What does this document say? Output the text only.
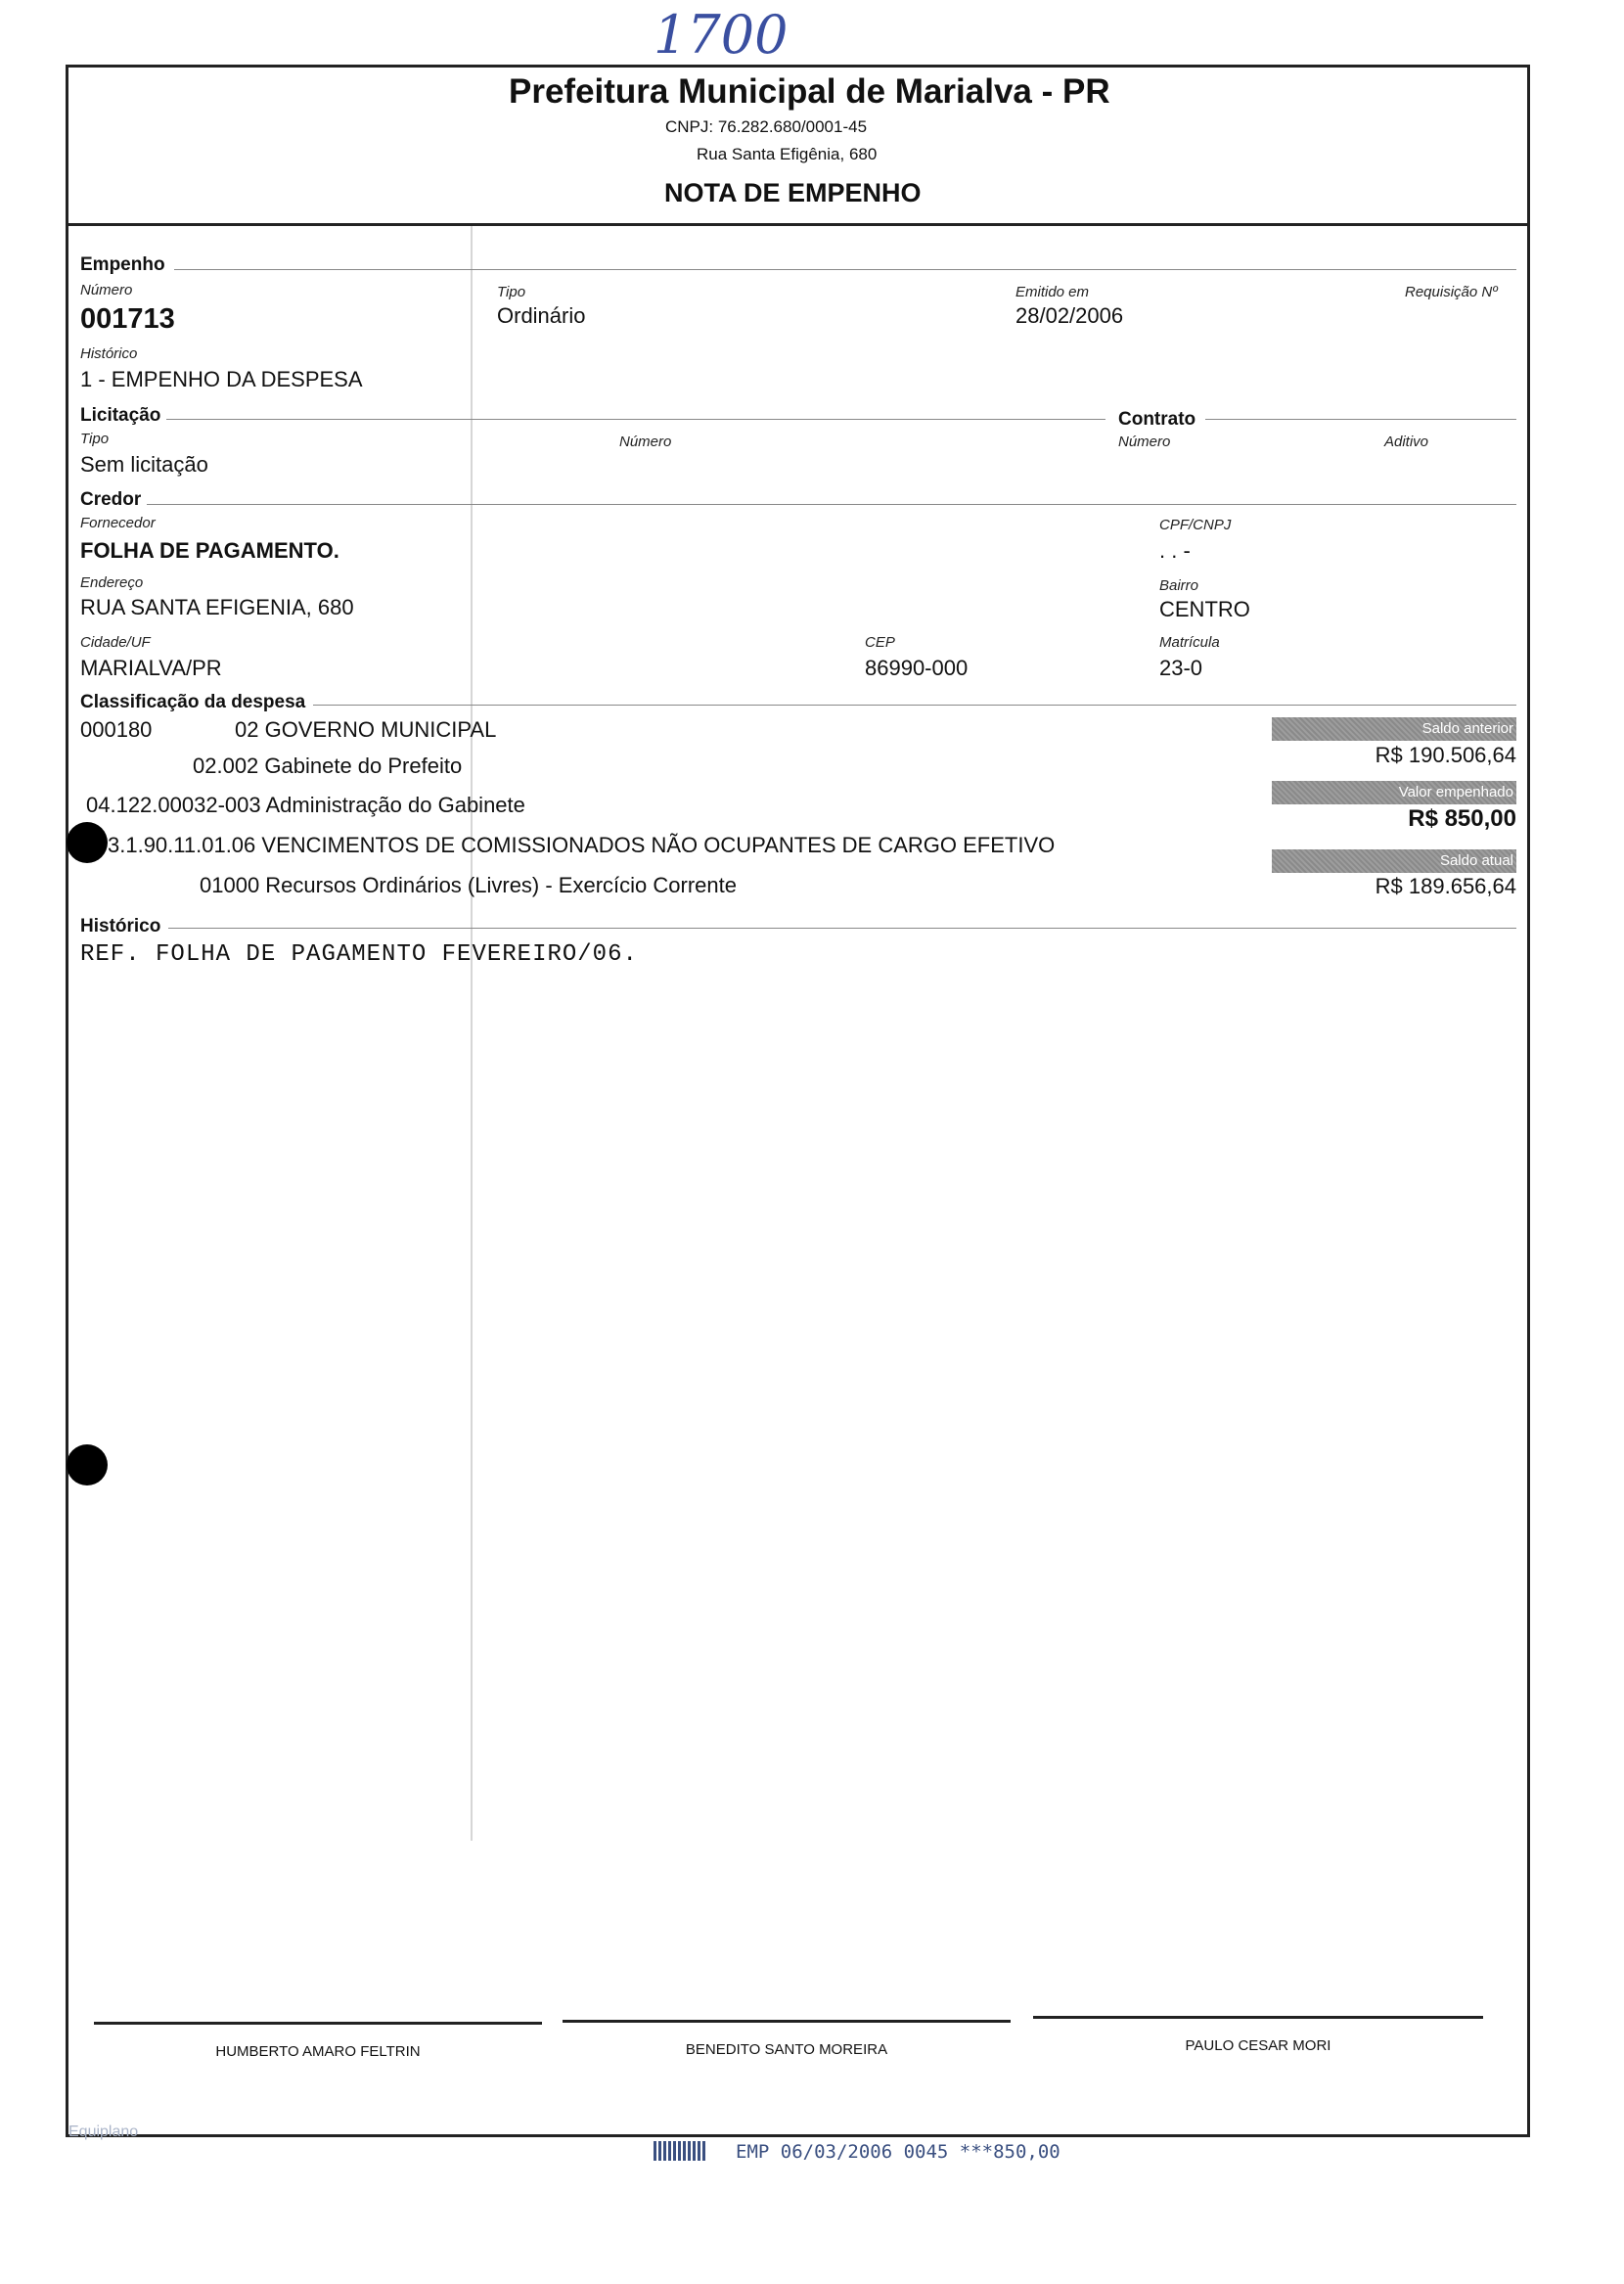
1700
Prefeitura Municipal de Marialva - PR
CNPJ: 76.282.680/0001-45
Rua Santa Efigênia, 680
NOTA DE EMPENHO
Empenho
Número
001713
Tipo
Ordinário
Emitido em
28/02/2006
Requisição Nº
Histórico
1 - EMPENHO DA DESPESA
Licitação	Contrato
Tipo
Sem licitação
Número	Número	Aditivo
Credor
Fornecedor
FOLHA DE PAGAMENTO.
CPF/CNPJ
. . -
Endereço
RUA SANTA EFIGENIA, 680
Bairro
CENTRO
Cidade/UF
MARIALVA/PR
CEP
86990-000
Matrícula
23-0
Classificação da despesa
000180	02 GOVERNO MUNICIPAL
02.002 Gabinete do Prefeito
04.122.00032-003 Administração do Gabinete
3.1.90.11.01.06 VENCIMENTOS DE COMISSIONADOS NÃO OCUPANTES DE CARGO EFETIVO
01000 Recursos Ordinários (Livres) - Exercício Corrente
Saldo anterior
R$ 190.506,64
Valor empenhado
R$ 850,00
Saldo atual
R$ 189.656,64
Histórico
REF. FOLHA DE PAGAMENTO FEVEREIRO/06.
HUMBERTO AMARO FELTRIN	BENEDITO SANTO MOREIRA	PAULO CESAR MORI
Equiplano
EMP 06/03/2006 0045 ***850,00
